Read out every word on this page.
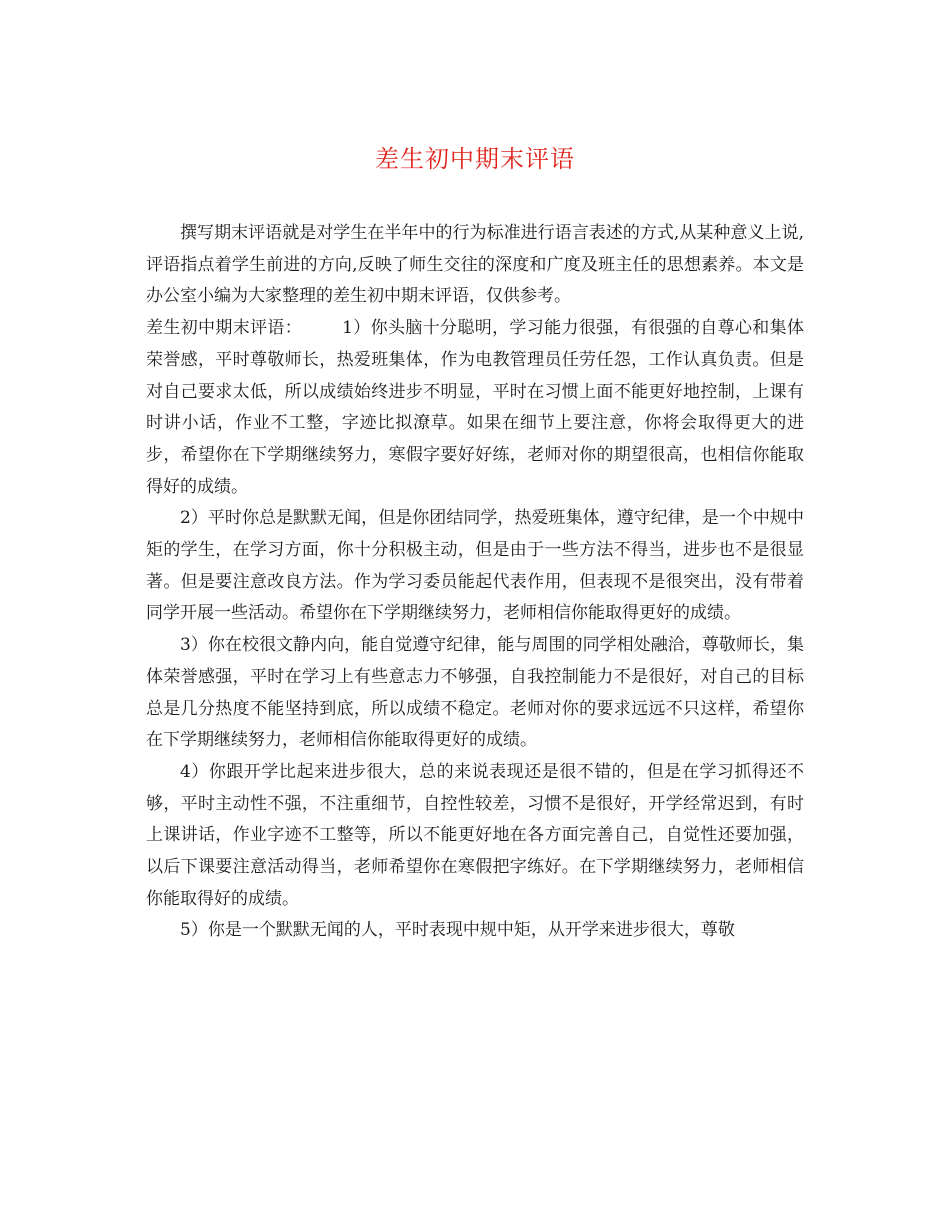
差生初中期末评语

撰写期末评语就是对学生在半年中的行为标准进行语言表述的方式,从某种意义上说,评语指点着学生前进的方向,反映了师生交往的深度和广度及班主任的思想素养。本文是办公室小编为大家整理的差生初中期末评语，仅供参考。

差生初中期末评语： 1）你头脑十分聪明，学习能力很强，有很强的自尊心和集体荣誉感，平时尊敬师长，热爱班集体，作为电教管理员任劳任怨，工作认真负责。但是对自己要求太低，所以成绩始终进步不明显，平时在习惯上面不能更好地控制，上课有时讲小话，作业不工整，字迹比拟潦草。如果在细节上要注意，你将会取得更大的进步，希望你在下学期继续努力，寒假字要好好练，老师对你的期望很高，也相信你能取得好的成绩。

2）平时你总是默默无闻，但是你团结同学，热爱班集体，遵守纪律，是一个中规中矩的学生，在学习方面，你十分积极主动，但是由于一些方法不得当，进步也不是很显著。但是要注意改良方法。作为学习委员能起代表作用，但表现不是很突出，没有带着同学开展一些活动。希望你在下学期继续努力，老师相信你能取得更好的成绩。

3）你在校很文静内向，能自觉遵守纪律，能与周围的同学相处融洽，尊敬师长，集体荣誉感强，平时在学习上有些意志力不够强，自我控制能力不是很好，对自己的目标总是几分热度不能坚持到底，所以成绩不稳定。老师对你的要求远远不只这样，希望你在下学期继续努力，老师相信你能取得更好的成绩。

4）你跟开学比起来进步很大，总的来说表现还是很不错的，但是在学习抓得还不够，平时主动性不强，不注重细节，自控性较差，习惯不是很好，开学经常迟到，有时上课讲话，作业字迹不工整等，所以不能更好地在各方面完善自己，自觉性还要加强，以后下课要注意活动得当，老师希望你在寒假把字练好。在下学期继续努力，老师相信你能取得好的成绩。

5）你是一个默默无闻的人，平时表现中规中矩，从开学来进步很大，尊敬
